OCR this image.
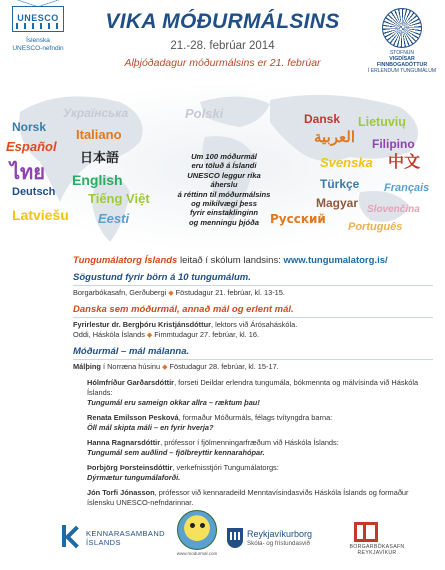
UNESCO
Íslenska
UNESCO-nefndin
VIKA MÓÐURMÁLSINS
21.-28. febrúar 2014
Alþjóðadagur móðurmálsins er 21. febrúar
STOFNUN
VIGDÍSAR FINNBOGADÓTTUR
Í ERLENDUM TUNGUMÁLUM
Norsk
Українська	Polski	Dansk Lietuvių
Español
Italiano	العربية Filipino
ไทย
日本語	Svenska 中文
English
Deutsch
Türkçe Français
Tiếng Việt	Magyar
Latviešu Eesti	Русский
Slovenčina
Português
Um 100 móðurmál
eru töluð á Íslandi
UNESCO leggur ríka áherslu
á réttinn til móðurmálsins
og mikilvægi þess
fyrir einstaklinginn
og menningu þjóða
Tungumálatorg Íslands leitað í skólum landsins: www.tungumalatorg.is/
Sögustund fyrir börn á 10 tungumálum.
Borgarbókasafn, Gerðubergi ◆ Föstudagur 21. febrúar, kl. 13-15.
Danska sem móðurmál, annað mál og erlent mál.
Fyrirlestur dr. Bergþóru Kristjánsdóttur, lektors við Árósaháskóla.
Oddi, Háskóla Íslands ◆ Fimmtudagur 27. febrúar, kl. 16.
Móðurmál – mál málanna.
Málþing í Norræna húsinu ◆ Föstudagur 28. febrúar, kl. 15-17.
Hólmfríður Garðarsdóttir, forseti Deildar erlendra tungumála, bókmennta og málvísinda við Háskóla Íslands:
Tungumál eru sameign okkar allra – ræktum þau!
Renata Emilsson Pesková, formaður Móðurmáls, félags tvítyngdra barna:
Öll mál skipta máli – en fyrir hverja?
Hanna Ragnarsdóttir, prófessor í fjölmenningarfræðum við Háskóla Íslands:
Tungumál sem auðlind – fjölbreyttir kennarahópar.
Þorbjörg Þorsteinsdóttir, verkefnisstjóri Tungumálatorgs:
Dýrmætur tungumálaforði.
Jón Torfi Jónasson, prófessor við kennaradeild Menntavísindasviðs Háskóla Íslands og formaður íslensku UNESCO-nefndarinnar.
KENNARASAMBAND
ÍSLANDS
www.modurmal.com
Reykjavíkurborg
Skóla- og frístundasvið	BORGARBÓKASAFN
REYKJAVÍKUR
